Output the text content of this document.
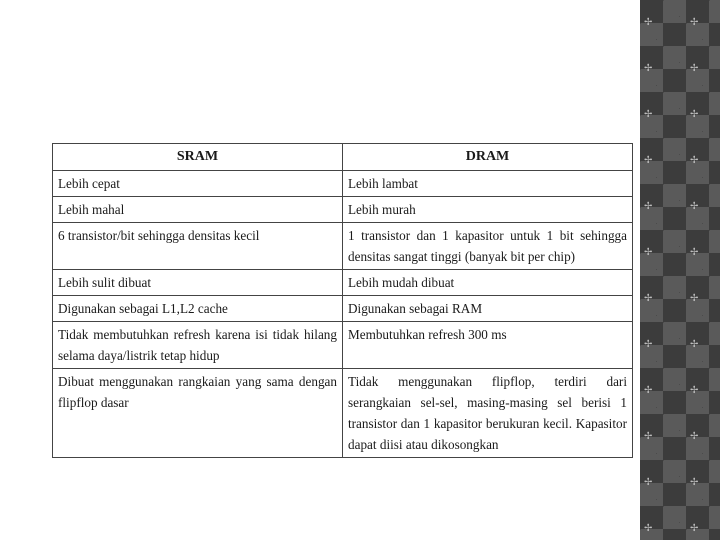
✢	✢
✢	✢
✢	✢
✢	✢
✢	✢
✢	✢
✢	✢
✢	✢
✢	✢
✢	✢
✢	✢
✢	✢
SRAM	DRAM
Lebih cepat	Lebih lambat
Lebih mahal	Lebih murah
6 transistor/bit sehingga densitas kecil	1 transistor dan 1 kapasitor untuk 1 bit sehingga densitas sangat tinggi (banyak bit per chip)
Lebih sulit dibuat	Lebih mudah dibuat
Digunakan sebagai L1,L2 cache	Digunakan sebagai RAM
Tidak membutuhkan refresh karena isi tidak hilang selama daya/listrik tetap hidup	Membutuhkan refresh 300 ms
Dibuat menggunakan rangkaian yang sama dengan flipflop dasar	Tidak menggunakan flipflop, terdiri dari serangkaian sel-sel, masing-masing sel berisi 1 transistor dan 1 kapasitor berukuran kecil. Kapasitor dapat diisi atau dikosongkan
